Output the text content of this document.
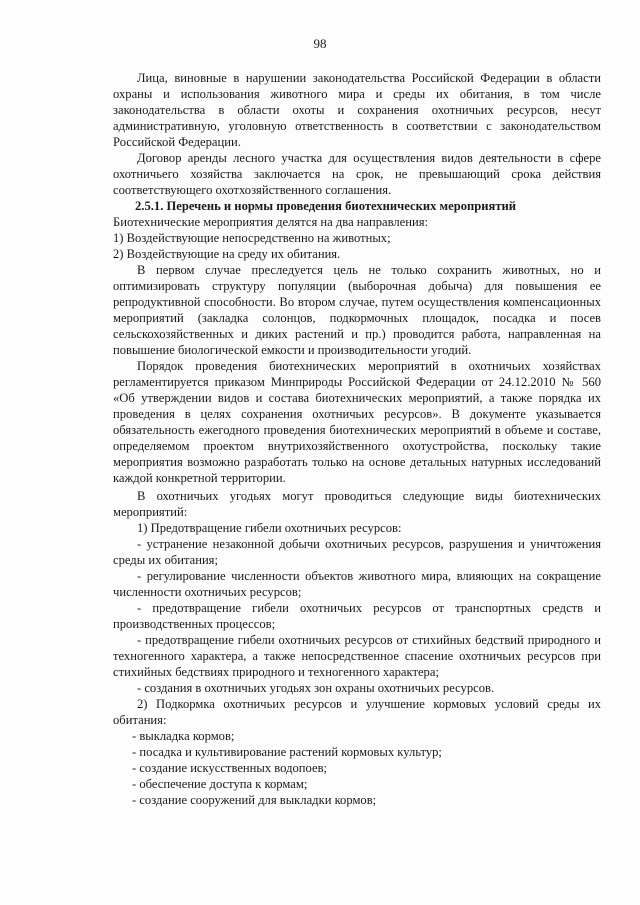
98

Лица, виновные в нарушении законодательства Российской Федерации в области охраны и использования животного мира и среды их обитания, в том числе законодательства в области охоты и сохранения охотничьих ресурсов, несут административную, уголовную ответственность в соответствии с законодательством Российской Федерации.

Договор аренды лесного участка для осуществления видов деятельности в сфере охотничьего хозяйства заключается на срок, не превышающий срока действия соответствующего охотхозяйственного соглашения.

2.5.1. Перечень и нормы проведения биотехнических мероприятий

Биотехнические мероприятия делятся на два направления:

1) Воздействующие непосредственно на животных;

2) Воздействующие на среду их обитания.

В первом случае преследуется цель не только сохранить животных, но и оптимизировать структуру популяции (выборочная добыча) для повышения ее репродуктивной способности. Во втором случае, путем осуществления компенсационных мероприятий (закладка солонцов, подкормочных площадок, посадка и посев сельскохозяйственных и диких растений и пр.) проводится работа, направленная на повышение биологической емкости и производительности угодий.

Порядок проведения биотехнических мероприятий в охотничьих хозяйствах регламентируется приказом Минприроды Российской Федерации от 24.12.2010 № 560 «Об утверждении видов и состава биотехнических мероприятий, а также порядка их проведения в целях сохранения охотничьих ресурсов». В документе указывается обязательность ежегодного проведения биотехнических мероприятий в объеме и составе, определяемом проектом внутрихозяйственного охотустройства, поскольку такие мероприятия возможно разработать только на основе детальных натурных исследований каждой конкретной территории.

В охотничьих угодьях могут проводиться следующие виды биотехнических мероприятий:

1) Предотвращение гибели охотничьих ресурсов:

- устранение незаконной добычи охотничьих ресурсов, разрушения и уничтожения среды их обитания;

- регулирование численности объектов животного мира, влияющих на сокращение численности охотничьих ресурсов;

- предотвращение гибели охотничьих ресурсов от транспортных средств и производственных процессов;

- предотвращение гибели охотничьих ресурсов от стихийных бедствий природного и техногенного характера, а также непосредственное спасение охотничьих ресурсов при стихийных бедствиях природного и техногенного характера;

- создания в охотничьих угодьях зон охраны охотничьих ресурсов.

2) Подкормка охотничьих ресурсов и улучшение кормовых условий среды их обитания:

- выкладка кормов;

- посадка и культивирование растений кормовых культур;

- создание искусственных водопоев;

- обеспечение доступа к кормам;

- создание сооружений для выкладки кормов;
